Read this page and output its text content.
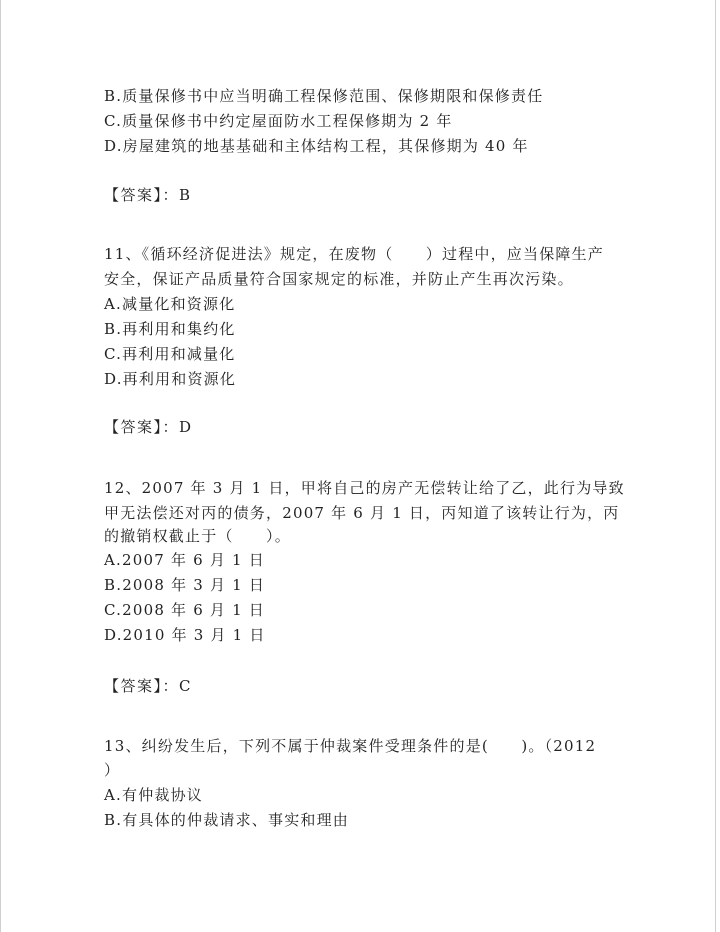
B.质量保修书中应当明确工程保修范围、保修期限和保修责任
C.质量保修书中约定屋面防水工程保修期为 2 年
D.房屋建筑的地基基础和主体结构工程，其保修期为 40 年
【答案】：B
11、《循环经济促进法》规定，在废物（　　）过程中，应当保障生产
安全，保证产品质量符合国家规定的标准，并防止产生再次污染。
A.减量化和资源化
B.再利用和集约化
C.再利用和减量化
D.再利用和资源化
【答案】：D
12、2007 年 3 月 1 日，甲将自己的房产无偿转让给了乙，此行为导致
甲无法偿还对丙的债务，2007 年 6 月 1 日，丙知道了该转让行为，丙
的撤销权截止于（　　）。
A.2007 年 6 月 1 日
B.2008 年 3 月 1 日
C.2008 年 6 月 1 日
D.2010 年 3 月 1 日
【答案】：C
13、纠纷发生后，下列不属于仲裁案件受理条件的是(　　)。（2012
）
A.有仲裁协议
B.有具体的仲裁请求、事实和理由
